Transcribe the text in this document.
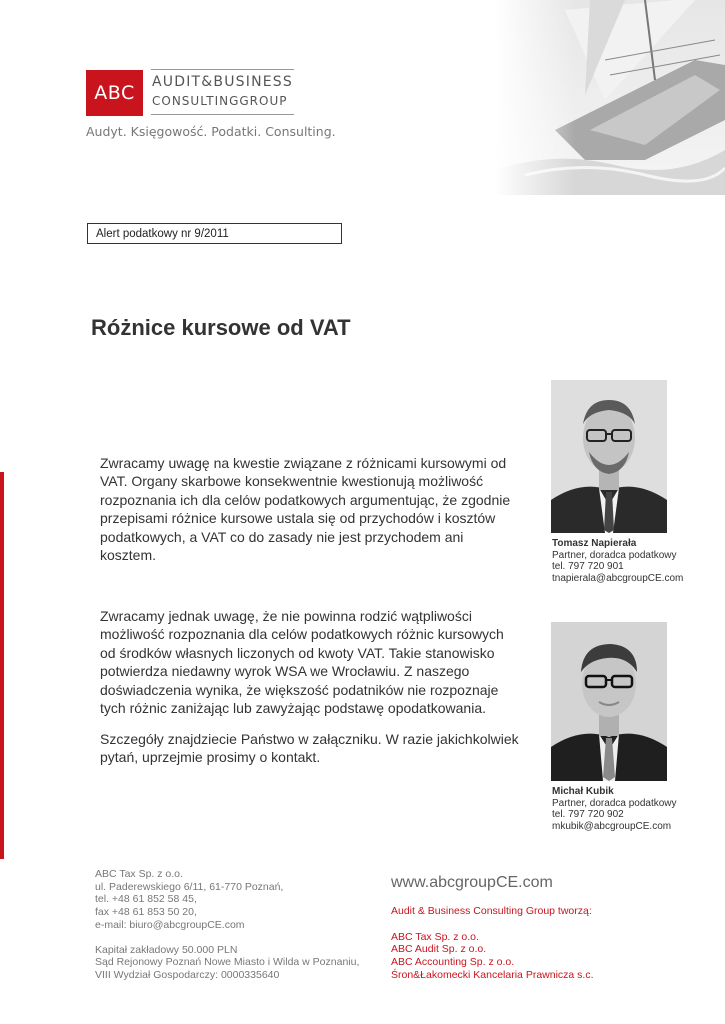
ABC AUDIT&BUSINESS
CONSULTINGGROUP
Audyt. Księgowość. Podatki. Consulting.
Alert podatkowy nr 9/2011
Różnice kursowe od VAT
Zwracamy uwagę na kwestie związane z różnicami kursowymi od VAT. Organy skarbowe konsekwentnie kwestionują możliwość rozpoznania ich dla celów podatkowych argumentując, że zgodnie przepisami różnice kursowe ustala się od przychodów i kosztów podatkowych, a VAT co do zasady nie jest przychodem ani kosztem.
Zwracamy jednak uwagę, że nie powinna rodzić wątpliwości możliwość rozpoznania dla celów podatkowych różnic kursowych od środków własnych liczonych od kwoty VAT. Takie stanowisko potwierdza niedawny wyrok WSA we Wrocławiu. Z naszego doświadczenia wynika, że większość podatników nie rozpoznaje tych różnic zaniżając lub zawyżając podstawę opodatkowania.
Szczegóły znajdziecie Państwo w załączniku. W razie jakichkolwiek pytań, uprzejmie prosimy o kontakt.
Tomasz Napierała
Partner, doradca podatkowy
tel. 797 720 901
tnapierala@abcgroupCE.com
Michał Kubik
Partner, doradca podatkowy
tel. 797 720 902
mkubik@abcgroupCE.com
ABC Tax Sp. z o.o.
ul. Paderewskiego 6/11, 61-770 Poznań,
tel. +48 61 852 58 45,
fax +48 61 853 50 20,
e-mail: biuro@abcgroupCE.com
Kapitał zakładowy 50.000 PLN
Sąd Rejonowy Poznań Nowe Miasto i Wilda w Poznaniu,
VIII Wydział Gospodarczy: 0000335640
www.abcgroupCE.com
Audit & Business Consulting Group tworzą:
ABC Tax Sp. z o.o.
ABC Audit Sp. z o.o.
ABC Accounting Sp. z o.o.
Śron&Łakomecki Kancelaria Prawnicza s.c.
